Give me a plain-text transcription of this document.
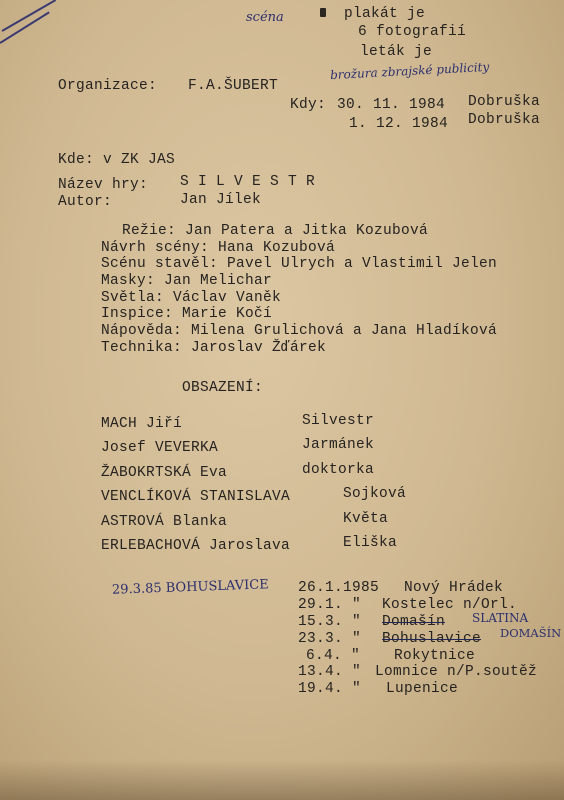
scéna	plakát je
6 fotografií
leták je
brožura zbrajské publicity
Organizace: F.A.ŠUBERT
Kdy: 30. 11. 1984 Dobruška
1. 12. 1984 Dobruška
Kde: v ZK JAS
Název hry: S I L V E S T R
Autor:	Jan Jílek
Režie: Jan Patera a Jitka Kozubová
Návrh scény: Hana Kozubová
Scénu stavěl: Pavel Ulrych a Vlastimil Jelen
Masky: Jan Melichar
Světla: Václav Vaněk
Inspice: Marie Kočí
Nápověda: Milena Grulichová a Jana Hladíková
Technika: Jaroslav Žďárek
OBSAZENÍ:
MACH Jiří	Silvestr
Josef VEVERKA	Jarmánek
ŽABOKRTSKÁ Eva	doktorka
VENCLÍKOVÁ STANISLAVA	Sojková
ASTROVÁ Blanka	Květa
ERLEBACHOVÁ Jaroslava	Eliška
29.3.85 BOHUSLAVICE 26.1.1985 Nový Hrádek
29.1. " Kostelec n/Orl.
15.3. " Domašín SLATINA
23.3. " Bohuslavice DOMAŠÍN
6.4. " Rokytnice
13.4. " Lomnice n/P.soutěž
19.4. " Lupenice
